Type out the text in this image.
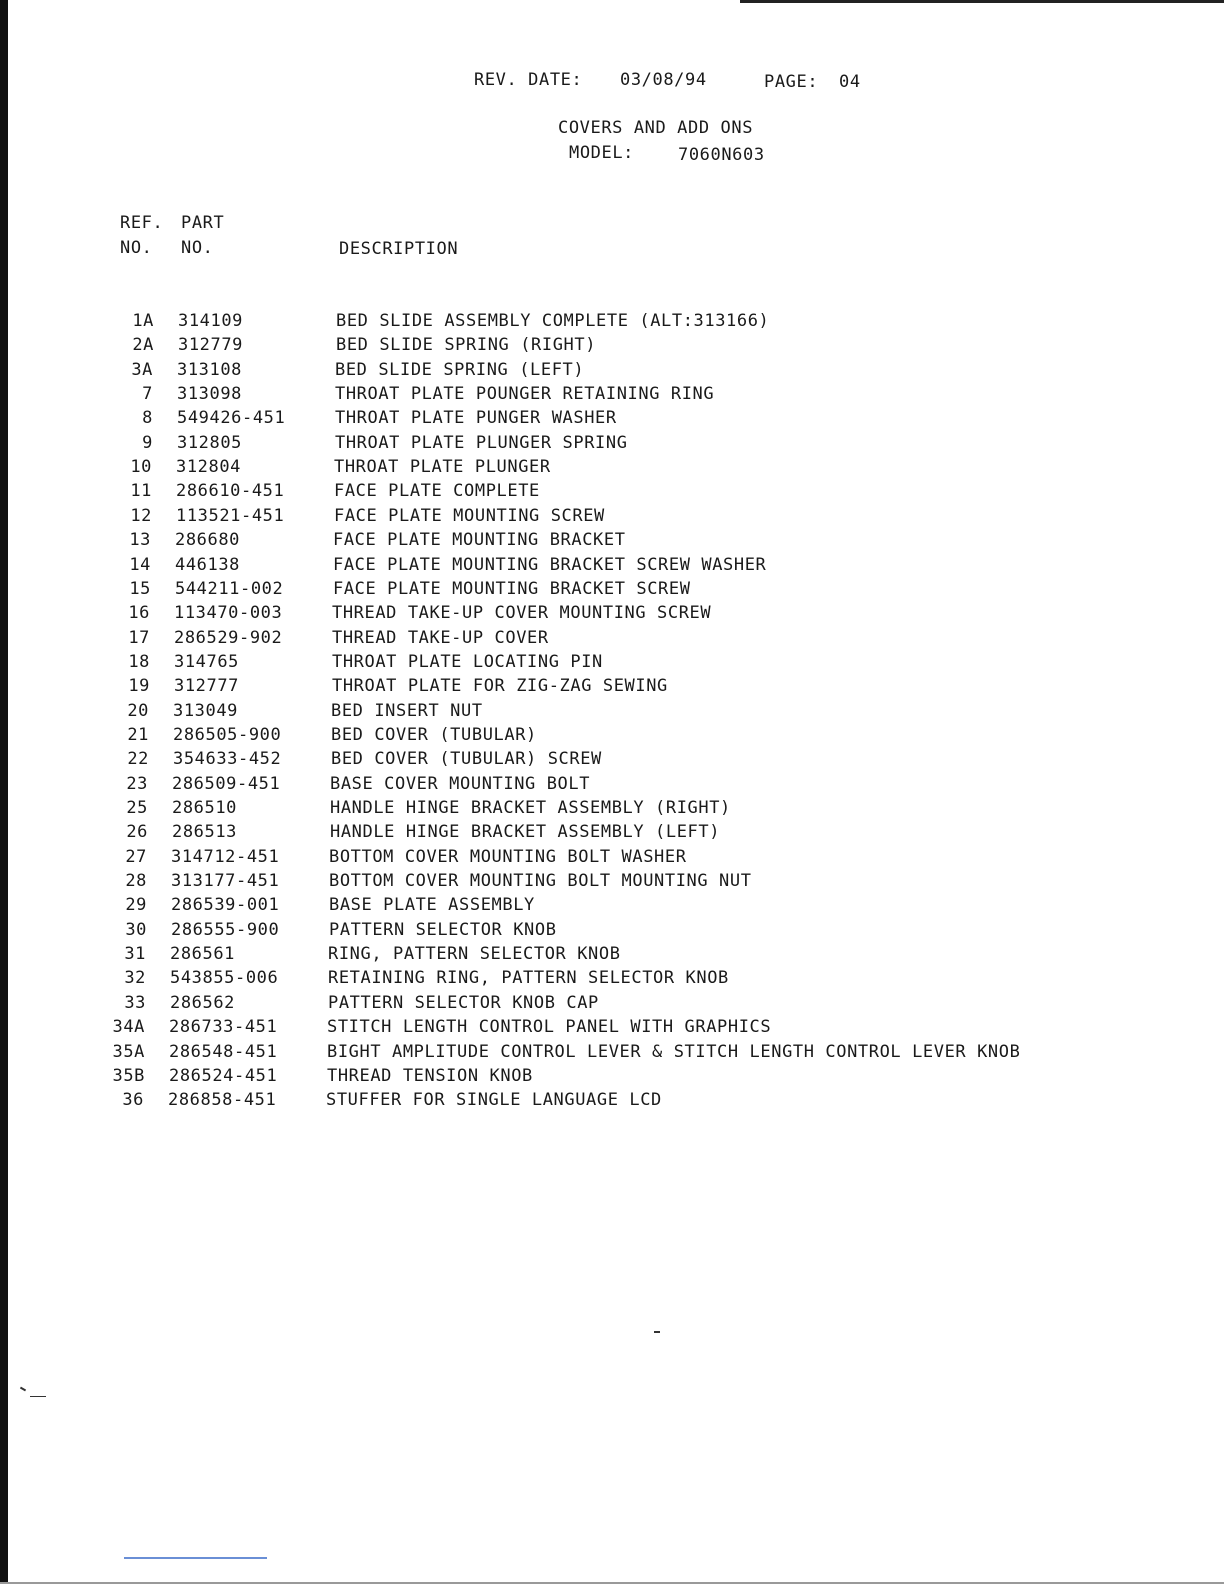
REV. DATE: 03/08/94	PAGE: 04
COVERS AND ADD ONS
MODEL:	7060N603
REF. PART
NO. NO.	DESCRIPTION
1A 314109	BED SLIDE ASSEMBLY COMPLETE (ALT:313166)
2A 312779	BED SLIDE SPRING (RIGHT)
3A 313108	BED SLIDE SPRING (LEFT)
7 313098	THROAT PLATE POUNGER RETAINING RING
8 549426-451	THROAT PLATE PUNGER WASHER
9 312805	THROAT PLATE PLUNGER SPRING
10 312804	THROAT PLATE PLUNGER
11 286610-451	FACE PLATE COMPLETE
12 113521-451	FACE PLATE MOUNTING SCREW
13 286680	FACE PLATE MOUNTING BRACKET
14 446138	FACE PLATE MOUNTING BRACKET SCREW WASHER
15 544211-002	FACE PLATE MOUNTING BRACKET SCREW
16 113470-003	THREAD TAKE-UP COVER MOUNTING SCREW
17 286529-902	THREAD TAKE-UP COVER
18 314765	THROAT PLATE LOCATING PIN
19 312777	THROAT PLATE FOR ZIG-ZAG SEWING
20 313049	BED INSERT NUT
21 286505-900	BED COVER (TUBULAR)
22 354633-452	BED COVER (TUBULAR) SCREW
23 286509-451	BASE COVER MOUNTING BOLT
25 286510	HANDLE HINGE BRACKET ASSEMBLY (RIGHT)
26 286513	HANDLE HINGE BRACKET ASSEMBLY (LEFT)
27 314712-451	BOTTOM COVER MOUNTING BOLT WASHER
28 313177-451	BOTTOM COVER MOUNTING BOLT MOUNTING NUT
29 286539-001	BASE PLATE ASSEMBLY
30 286555-900	PATTERN SELECTOR KNOB
31 286561	RING, PATTERN SELECTOR KNOB
32 543855-006	RETAINING RING, PATTERN SELECTOR KNOB
33 286562	PATTERN SELECTOR KNOB CAP
34A 286733-451	STITCH LENGTH CONTROL PANEL WITH GRAPHICS
35A 286548-451	BIGHT AMPLITUDE CONTROL LEVER & STITCH LENGTH CONTROL LEVER KNOB
35B 286524-451	THREAD TENSION KNOB
36 286858-451	STUFFER FOR SINGLE LANGUAGE LCD
